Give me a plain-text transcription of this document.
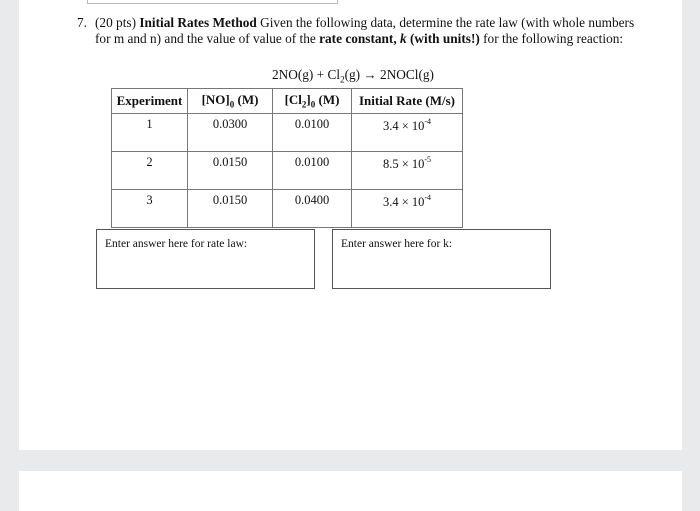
7. (20 pts) Initial Rates Method Given the following data, determine the rate law (with whole numbers for m and n) and the value of value of the rate constant, k (with units!) for the following reaction:
$2NO(g) + Cl_2(g)$ → 2NOCl(g)
Experiment	$[NO]_0$ (M)	$[Cl_2]_0$ (M)	Initial Rate (M/s)
1	0.0300	0.0100	$3.4 \times 10^{-4}$
2	0.0150	0.0100	$8.5 \times 10^{-5}$
3	0.0150	0.0400	$3.4 \times 10^{-4}$
Enter answer here for rate law:	Enter answer here for k:
